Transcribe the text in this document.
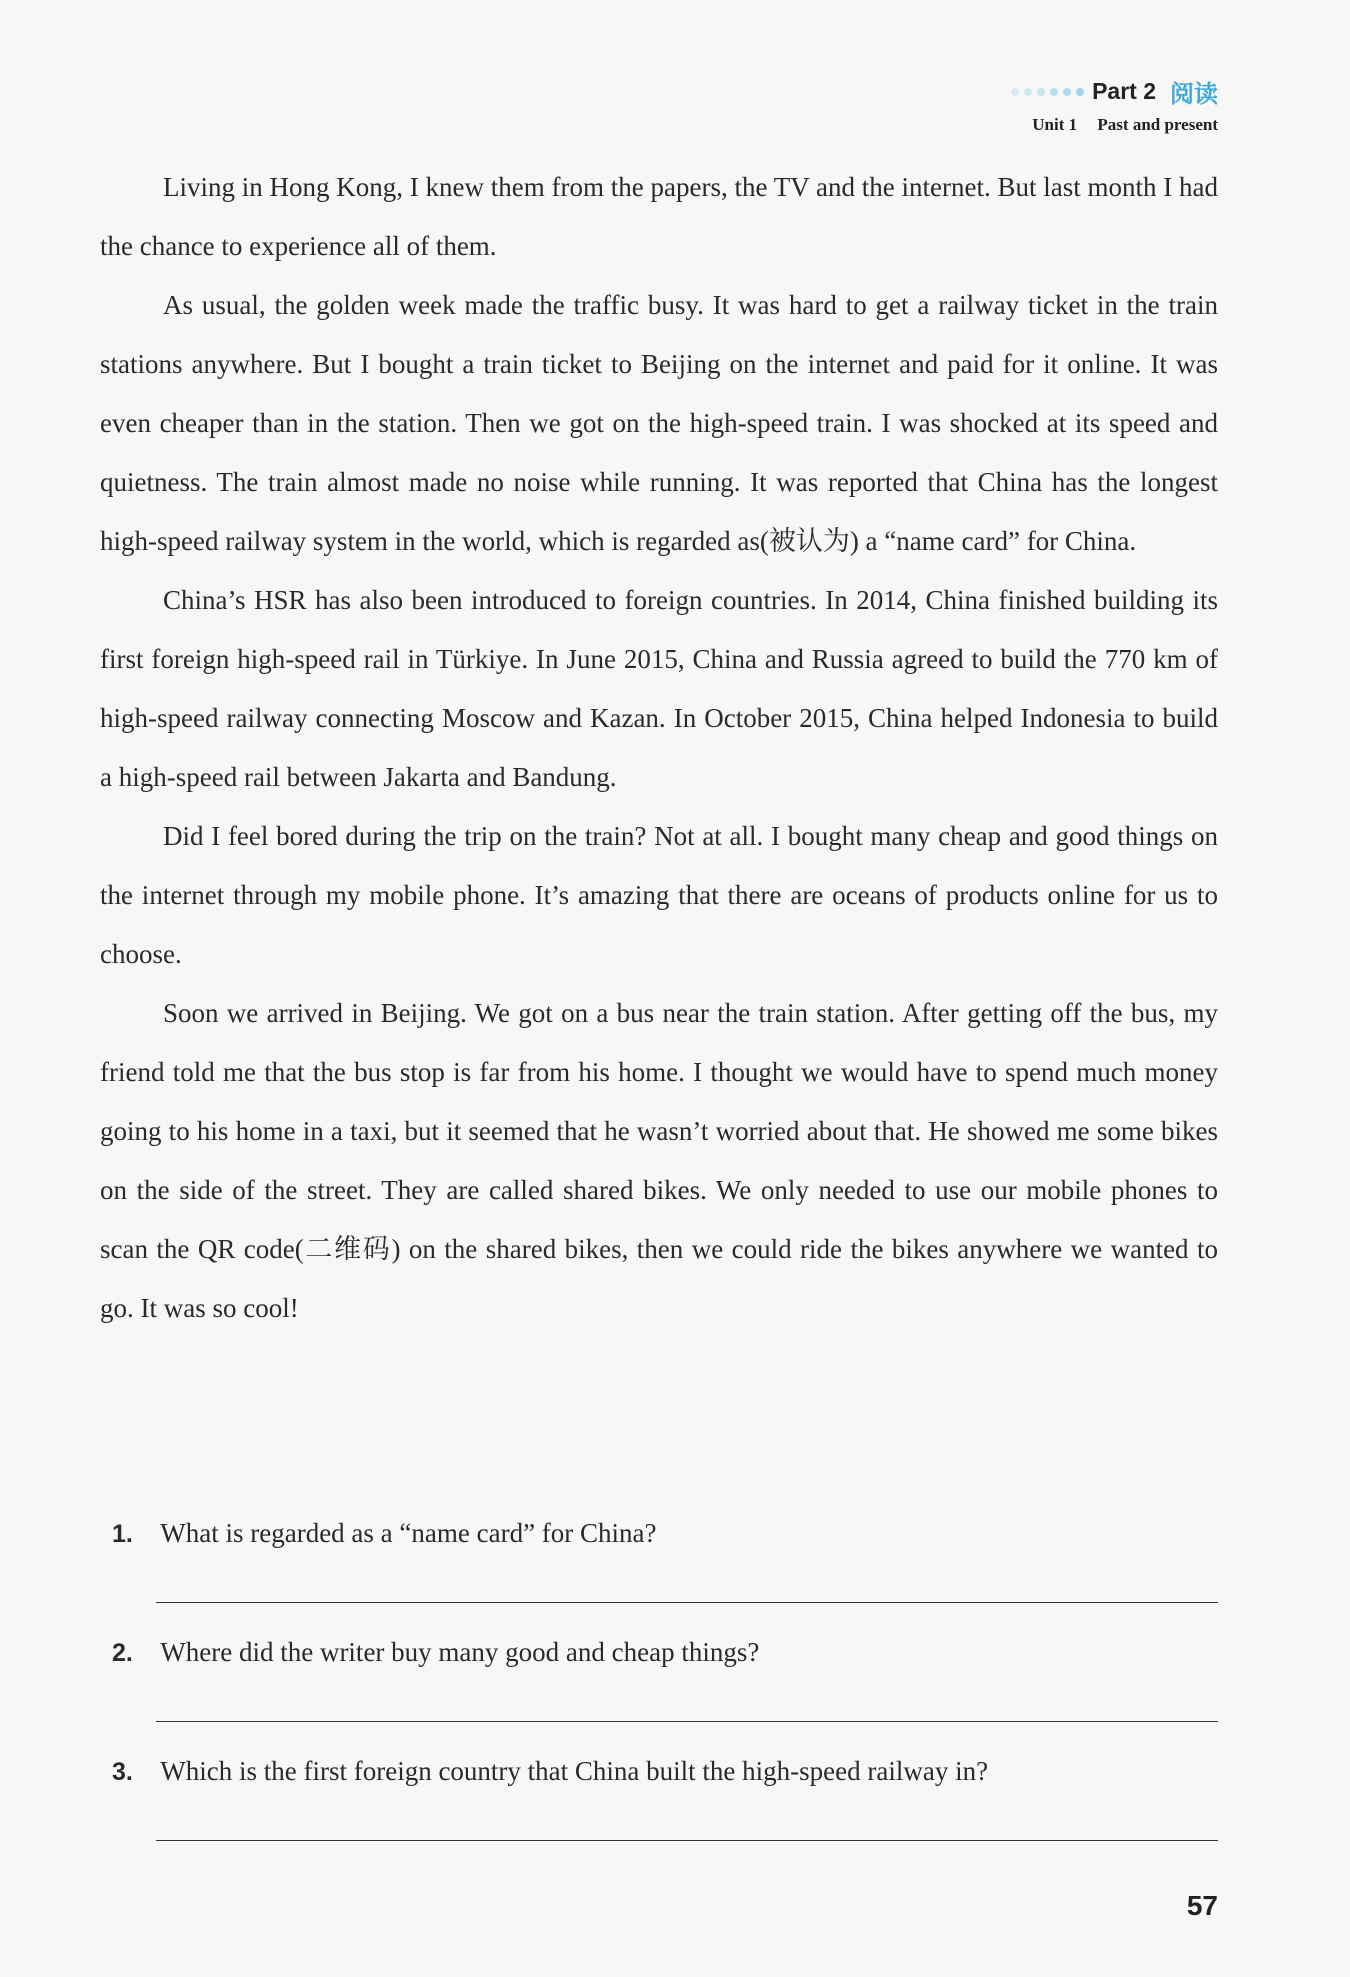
Part 2 阅读
Unit 1 Past and present

Living in Hong Kong, I knew them from the papers, the TV and the internet. But last month I had the chance to experience all of them.

As usual, the golden week made the traffic busy. It was hard to get a railway ticket in the train stations anywhere. But I bought a train ticket to Beijing on the internet and paid for it online. It was even cheaper than in the station. Then we got on the high-speed train. I was shocked at its speed and quietness. The train almost made no noise while running. It was reported that China has the longest high-speed railway system in the world, which is regarded as(被认为) a “name card” for China.

China’s HSR has also been introduced to foreign countries. In 2014, China finished building its first foreign high-speed rail in Türkiye. In June 2015, China and Russia agreed to build the 770 km of high-speed railway connecting Moscow and Kazan. In October 2015, China helped Indonesia to build a high-speed rail between Jakarta and Bandung.

Did I feel bored during the trip on the train? Not at all. I bought many cheap and good things on the internet through my mobile phone. It’s amazing that there are oceans of products online for us to choose.

Soon we arrived in Beijing. We got on a bus near the train station. After getting off the bus, my friend told me that the bus stop is far from his home. I thought we would have to spend much money going to his home in a taxi, but it seemed that he wasn’t worried about that. He showed me some bikes on the side of the street. They are called shared bikes. We only needed to use our mobile phones to scan the QR code(二维码) on the shared bikes, then we could ride the bikes anywhere we wanted to go. It was so cool!

1. What is regarded as a “name card” for China?
2. Where did the writer buy many good and cheap things?
3. Which is the first foreign country that China built the high-speed railway in?
57
